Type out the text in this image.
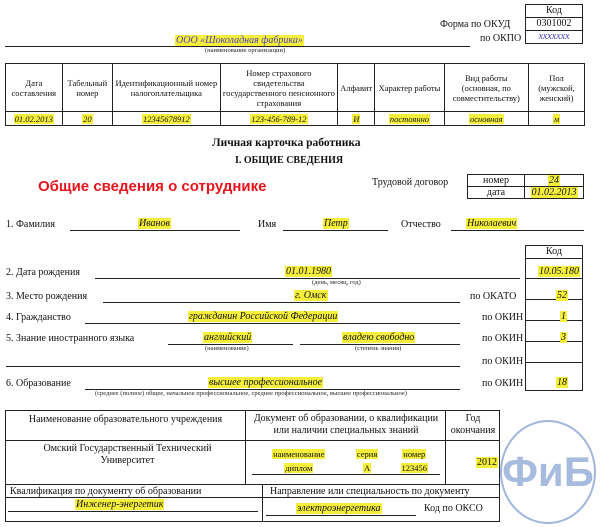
Код
Форма по ОКУД	0301002
по ОКПО	xxxxxxx
ООО «Шоколадная фабрика»
(наименование организации)
Дата составления	Табельный номер	Идентификационный номер налогоплательщика	Номер страхового свидетельства государственного пенсионного страхования	Алфавит	Характер работы	Вид работы (основная, по совместительству)	Пол (мужской, женский)
01.02.2013	20	12345678912	123-456-789-12	И	постоянно	основная	м
Личная карточка работника
I. ОБЩИЕ СВЕДЕНИЯ
Общие сведения о сотруднике	Трудовой договор	номер	24
дата	01.02.2013
1. Фамилия	Иванов	Имя	Петр	Отчество	Николаевич
Код
2. Дата рождения	01.01.1980
(день, месяц, год)
10.05.180
3. Место рождения	г. Омск	по ОКАТО	52
4. Гражданство	гражданин Российской Федерации	по ОКИН	1
5. Знание иностранного языка	английский
(наименование)
владею свободно
(степень знания)
по ОКИН	3
по ОКИН
6. Образование	высшее профессиональное
(среднее (полное) общее, начальное профессиональное, среднее профессиональное, высшее профессиональное)
по ОКИН	18
Наименование образовательного учреждения	Документ об образовании, о квалификации или наличии специальных знаний
Год окончания
Омский Государственный Технический Университет
наименование	серия	номер
диплом	А	123456	2012
Квалификация по документу об образовании	Направление или специальность по документу
Инженер-энергетик	электроэнергетика	Код по ОКСО
ФиБ
